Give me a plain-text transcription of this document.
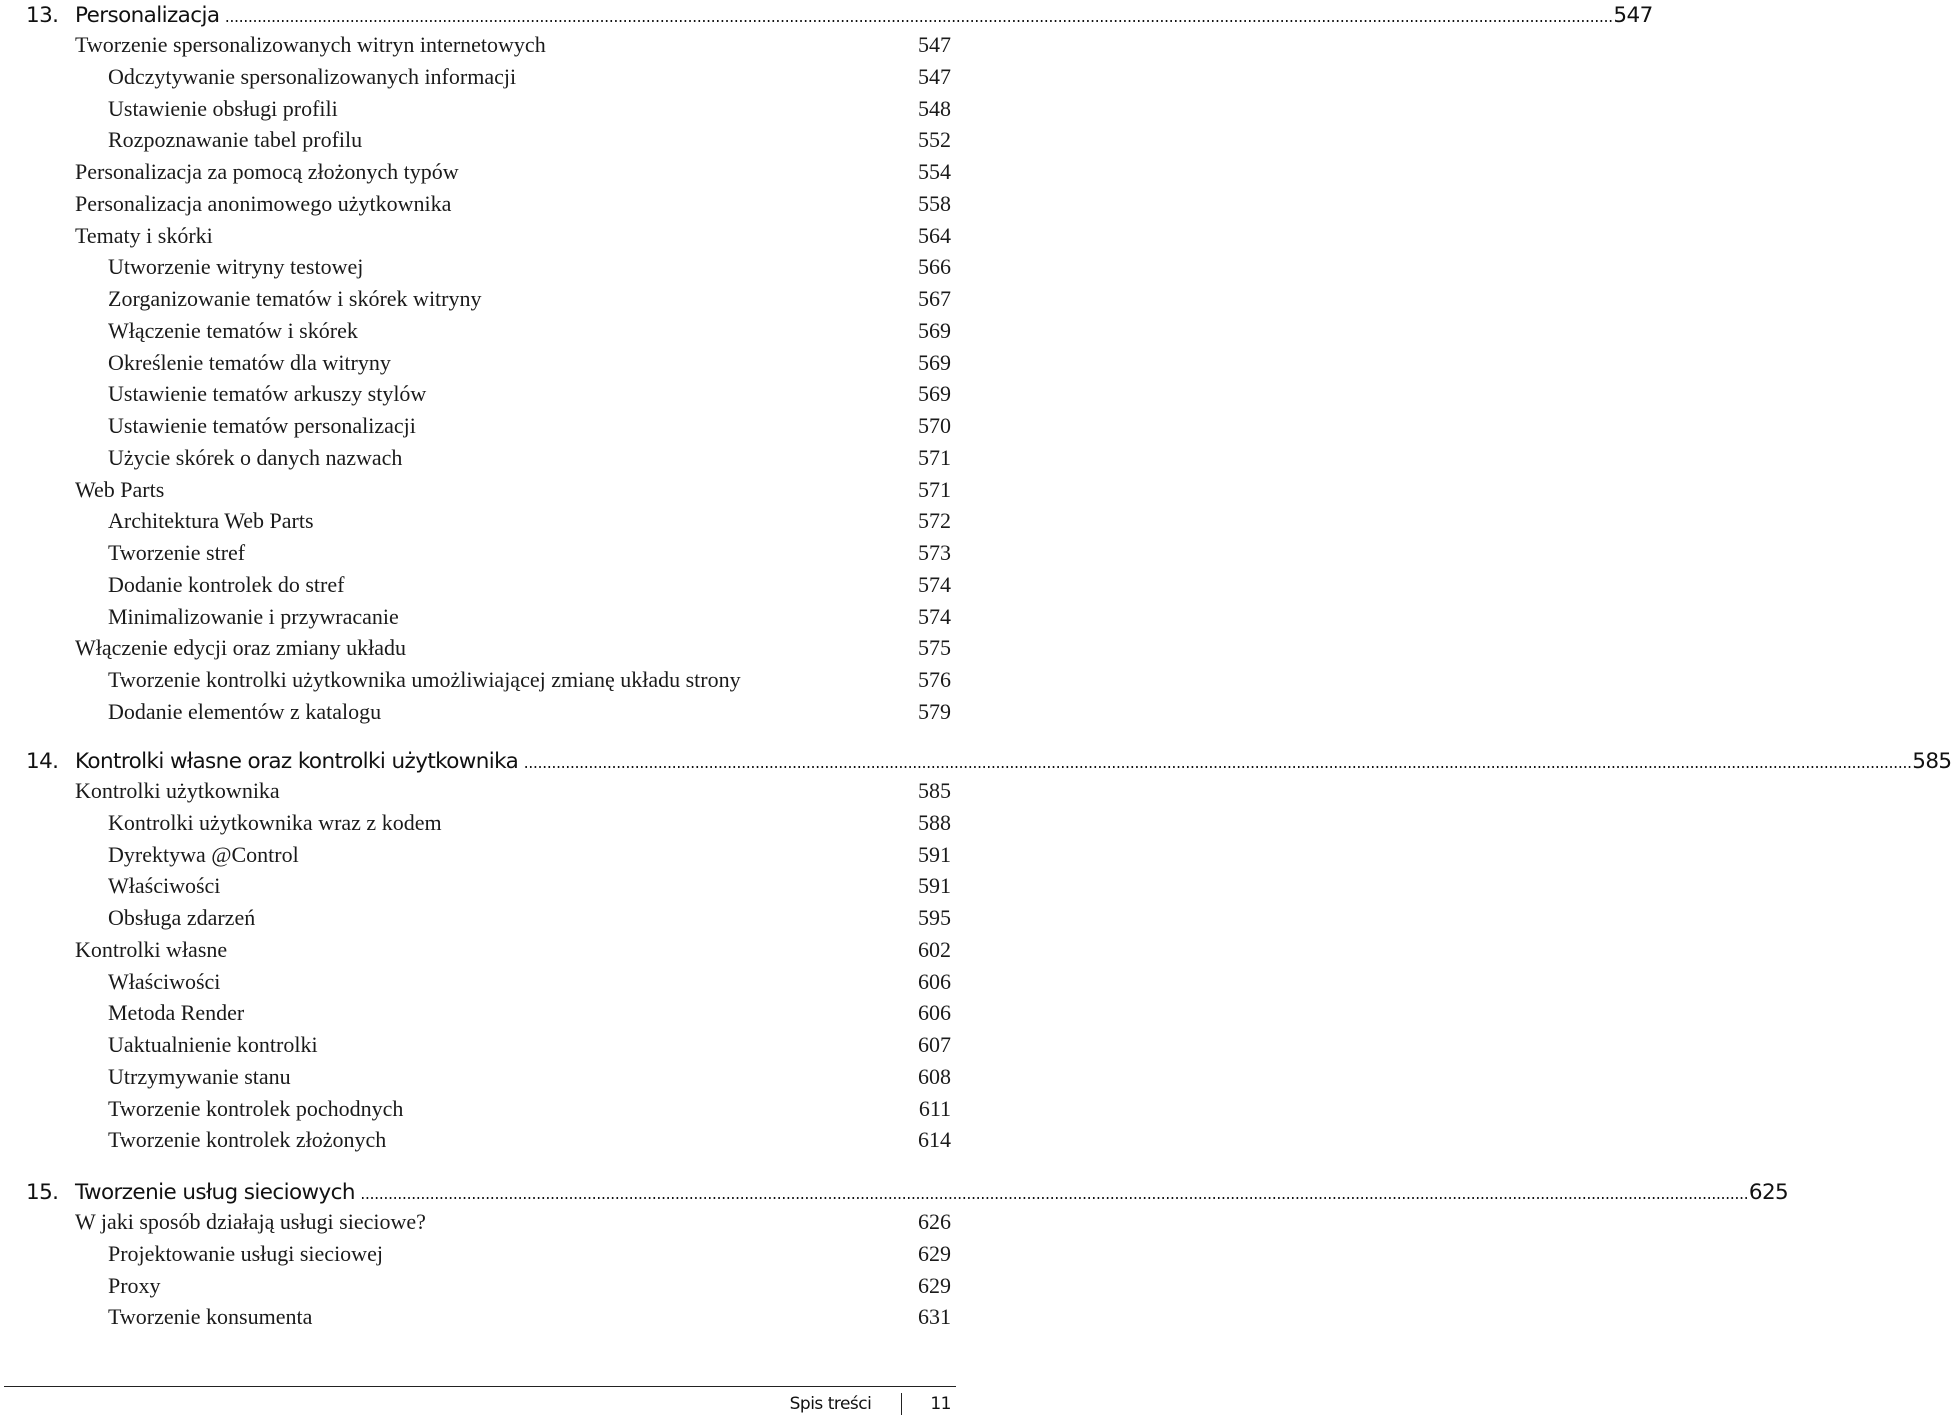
13. Personalizacja ............................................................................................................................................................................................................................................................................................................ 547
Tworzenie spersonalizowanych witryn internetowych	547
Odczytywanie spersonalizowanych informacji	547
Ustawienie obsługi profili	548
Rozpoznawanie tabel profilu	552
Personalizacja za pomocą złożonych typów	554
Personalizacja anonimowego użytkownika	558
Tematy i skórki	564
Utworzenie witryny testowej	566
Zorganizowanie tematów i skórek witryny	567
Włączenie tematów i skórek	569
Określenie tematów dla witryny	569
Ustawienie tematów arkuszy stylów	569
Ustawienie tematów personalizacji	570
Użycie skórek o danych nazwach	571
Web Parts	571
Architektura Web Parts	572
Tworzenie stref	573
Dodanie kontrolek do stref	574
Minimalizowanie i przywracanie	574
Włączenie edycji oraz zmiany układu	575
Tworzenie kontrolki użytkownika umożliwiającej zmianę układu strony	576
Dodanie elementów z katalogu	579
14. Kontrolki własne oraz kontrolki użytkownika ............................................................................................................................................................................................................................................................................................................ 585
Kontrolki użytkownika	585
Kontrolki użytkownika wraz z kodem	588
Dyrektywa @Control	591
Właściwości	591
Obsługa zdarzeń	595
Kontrolki własne	602
Właściwości	606
Metoda Render	606
Uaktualnienie kontrolki	607
Utrzymywanie stanu	608
Tworzenie kontrolek pochodnych	611
Tworzenie kontrolek złożonych	614
15. Tworzenie usług sieciowych ............................................................................................................................................................................................................................................................................................................ 625
W jaki sposób działają usługi sieciowe?	626
Projektowanie usługi sieciowej	629
Proxy	629
Tworzenie konsumenta	631
Spis treści	11
